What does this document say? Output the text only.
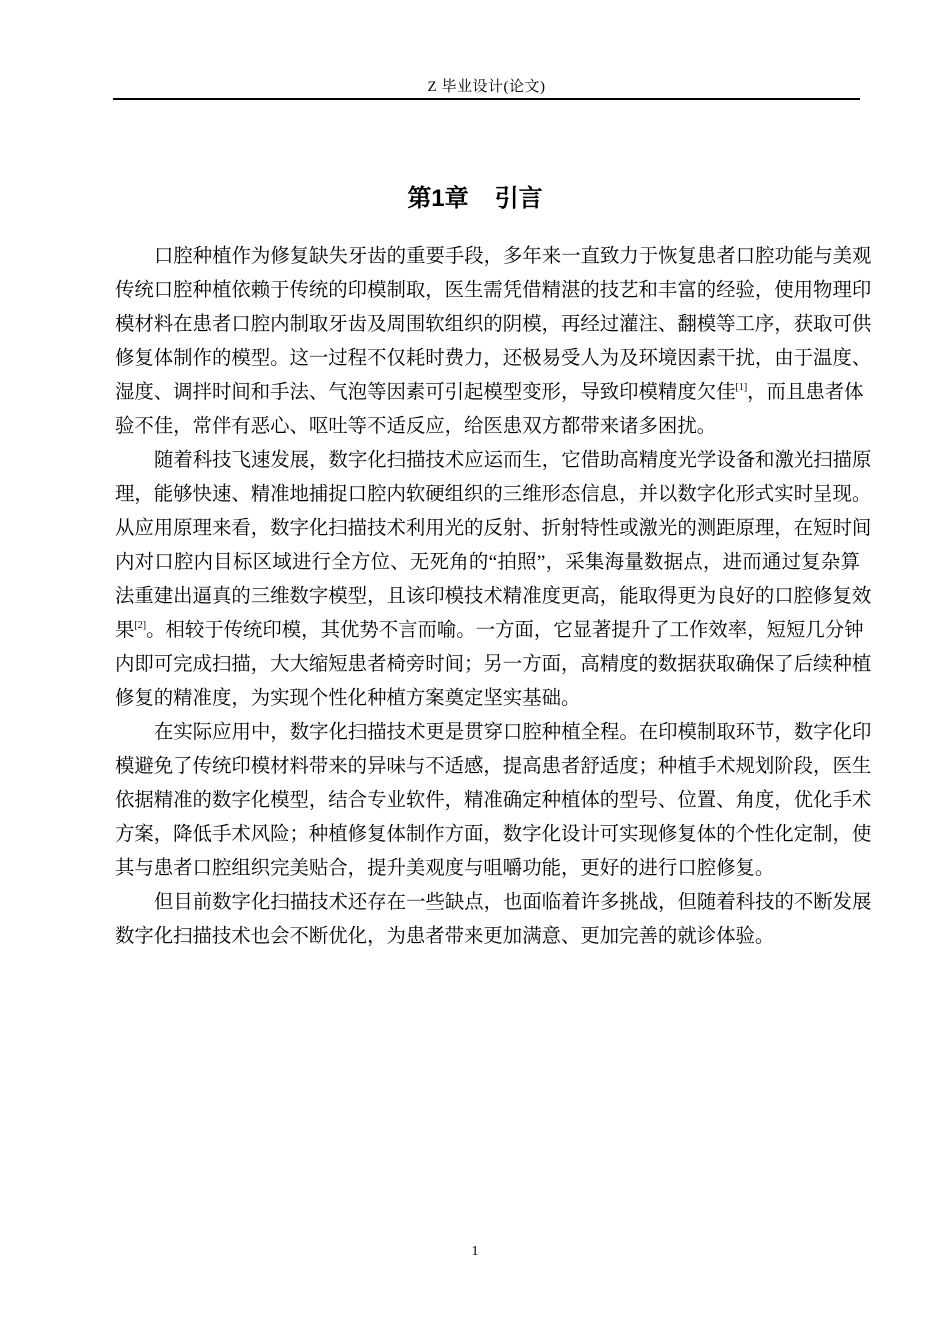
Z 毕业设计(论文)
第1章 引言
口腔种植作为修复缺失牙齿的重要手段，多年来一直致力于恢复患者口腔功能与美观
传统口腔种植依赖于传统的印模制取，医生需凭借精湛的技艺和丰富的经验，使用物理印
模材料在患者口腔内制取牙齿及周围软组织的阴模，再经过灌注、翻模等工序，获取可供
修复体制作的模型。这一过程不仅耗时费力，还极易受人为及环境因素干扰，由于温度、
湿度、调拌时间和手法、气泡等因素可引起模型变形，导致印模精度欠佳[1]，而且患者体
验不佳，常伴有恶心、呕吐等不适反应，给医患双方都带来诸多困扰。
随着科技飞速发展，数字化扫描技术应运而生，它借助高精度光学设备和激光扫描原
理，能够快速、精准地捕捉口腔内软硬组织的三维形态信息，并以数字化形式实时呈现。
从应用原理来看，数字化扫描技术利用光的反射、折射特性或激光的测距原理，在短时间
内对口腔内目标区域进行全方位、无死角的“拍照”，采集海量数据点，进而通过复杂算
法重建出逼真的三维数字模型，且该印模技术精准度更高，能取得更为良好的口腔修复效
果[2]。相较于传统印模，其优势不言而喻。一方面，它显著提升了工作效率，短短几分钟
内即可完成扫描，大大缩短患者椅旁时间；另一方面，高精度的数据获取确保了后续种植
修复的精准度，为实现个性化种植方案奠定坚实基础。
在实际应用中，数字化扫描技术更是贯穿口腔种植全程。在印模制取环节，数字化印
模避免了传统印模材料带来的异味与不适感，提高患者舒适度；种植手术规划阶段，医生
依据精准的数字化模型，结合专业软件，精准确定种植体的型号、位置、角度，优化手术
方案，降低手术风险；种植修复体制作方面，数字化设计可实现修复体的个性化定制，使
其与患者口腔组织完美贴合，提升美观度与咀嚼功能，更好的进行口腔修复。
但目前数字化扫描技术还存在一些缺点，也面临着许多挑战，但随着科技的不断发展
数字化扫描技术也会不断优化，为患者带来更加满意、更加完善的就诊体验。
1
